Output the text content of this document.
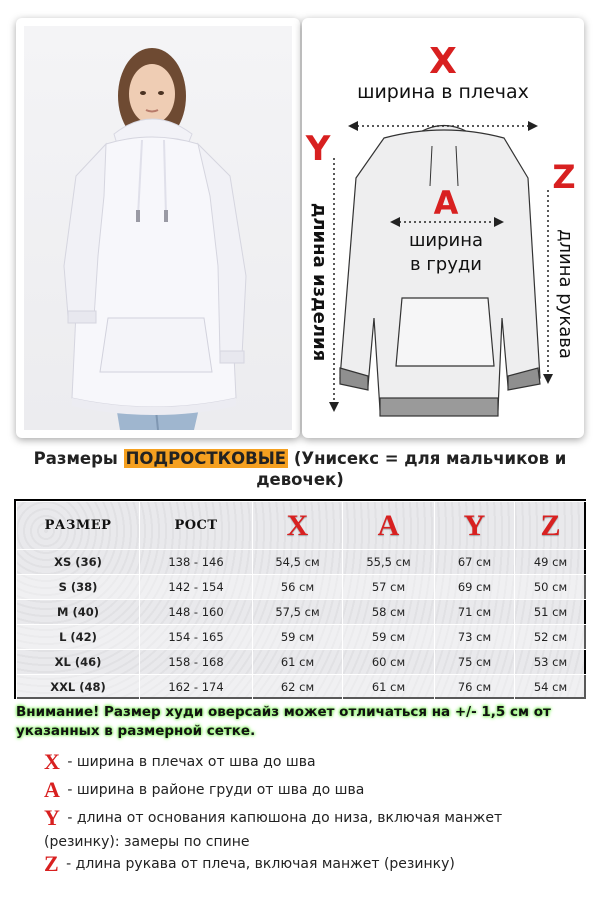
X
ширина в плечах
A
ширина
в груди
Y
длина изделия
Z
длина рукава
Размеры ПОДРОСТКОВЫЕ (Унисекс = для мальчиков и девочек)
РАЗМЕР	РОСТ	X	A	Y	Z
XS (36)	138 - 146	54,5 см	55,5 см	67 см	49 см
S (38)	142 - 154	56 см	57 см	69 см	50 см
M (40)	148 - 160	57,5 см	58 см	71 см	51 см
L (42)	154 - 165	59 см	59 см	73 см	52 см
XL (46)	158 - 168	61 см	60 см	75 см	53 см
XXL (48)	162 - 174	62 см	61 см	76 см	54 см
Внимание! Размер худи оверсайз может отличаться на +/- 1,5 см от указанных в размерной сетке.
X - ширина в плечах от шва до шва
A - ширина в районе груди от шва до шва
Y - длина от основания капюшона до низа, включая манжет (резинку): замеры по спине
Z - длина рукава от плеча, включая манжет (резинку)
